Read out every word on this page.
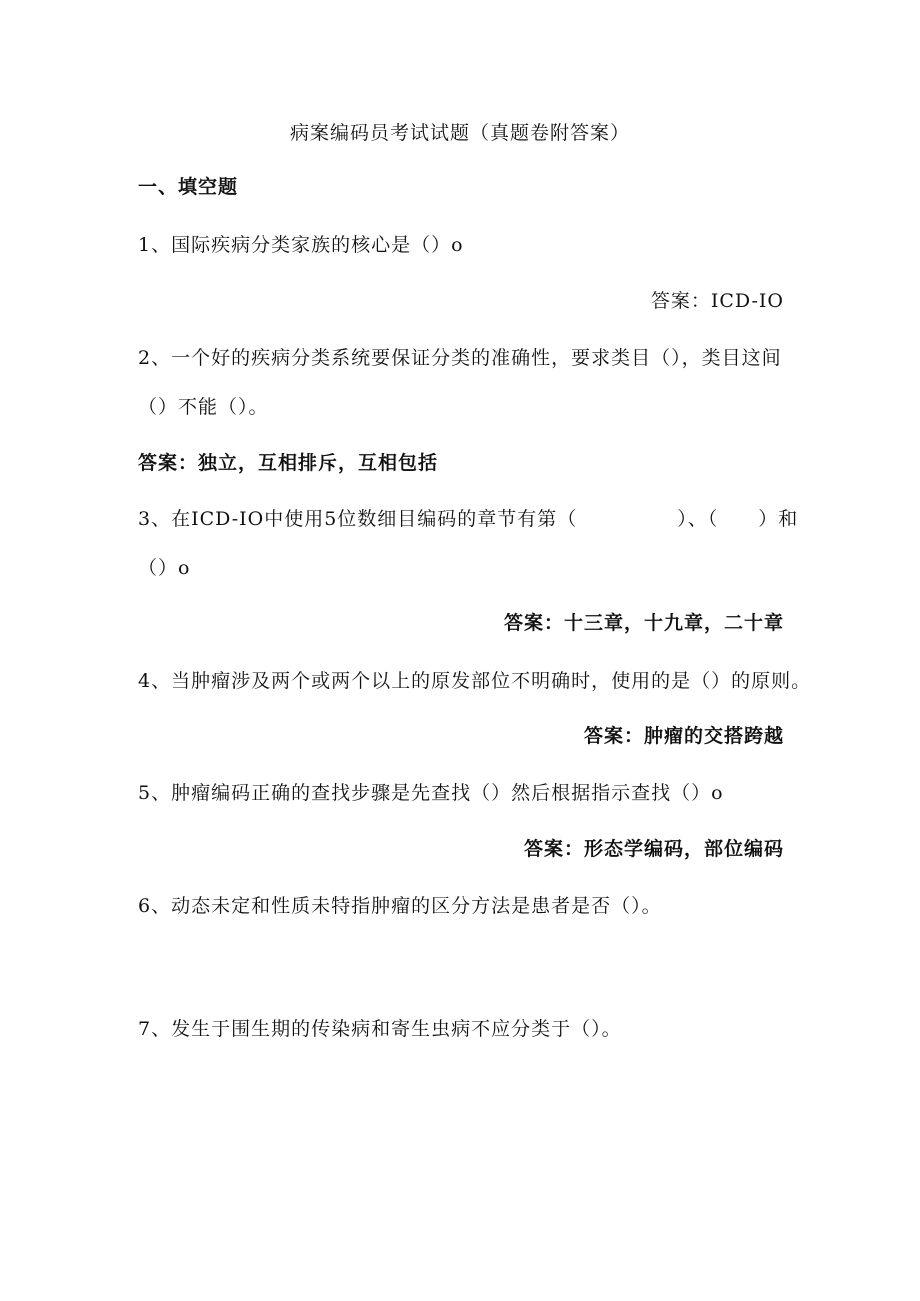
病案编码员考试试题（真题卷附答案）
一、填空题
1、国际疾病分类家族的核心是（）o
答案：ICD-IO
2、一个好的疾病分类系统要保证分类的准确性，要求类目（），类目这间
（）不能（）。
答案：独立，互相排斥，互相包括
3、在ICD-IO中使用5位数细目编码的章节有第（　　　　　）、（　　）和
（）o
答案：十三章，十九章，二十章
4、当肿瘤涉及两个或两个以上的原发部位不明确时，使用的是（）的原则。
答案：肿瘤的交搭跨越
5、肿瘤编码正确的查找步骤是先查找（）然后根据指示查找（）o
答案：形态学编码，部位编码
6、动态未定和性质未特指肿瘤的区分方法是患者是否（）。
7、发生于围生期的传染病和寄生虫病不应分类于（）。
